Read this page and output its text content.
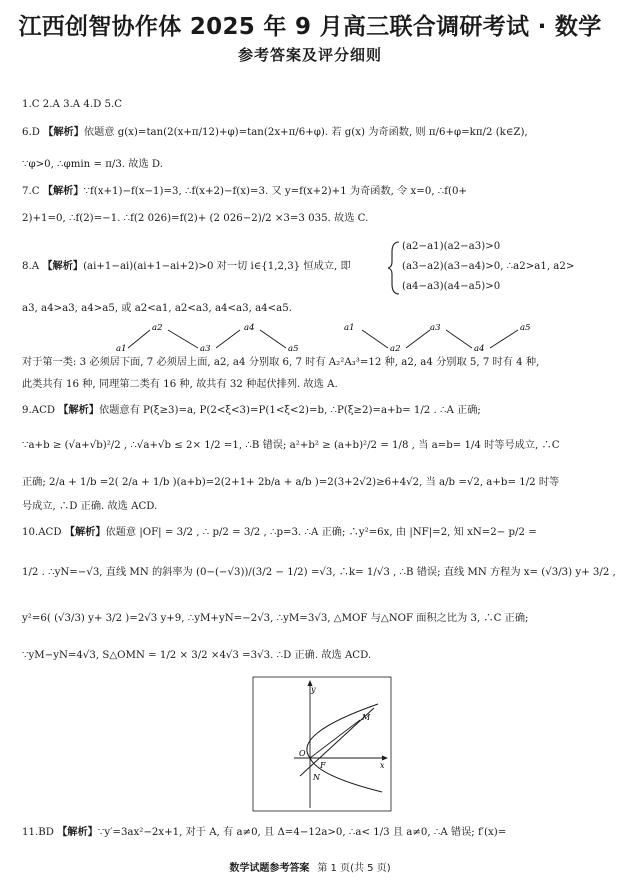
江西创智协作体 2025 年 9 月高三联合调研考试 · 数学
参考答案及评分细则
1.C 2.A 3.A 4.D 5.C
6.D 【解析】依题意 g(x)=tan(2(x+π/12)+φ)=tan(2x+π/6+φ). 若 g(x) 为奇函数, 则 π/6+φ=kπ/2 (k∈Z),
∵φ>0, ∴φmin = π/3. 故选 D.
7.C 【解析】∵f(x+1)−f(x−1)=3, ∴f(x+2)−f(x)=3. 又 y=f(x+2)+1 为奇函数, 令 x=0, ∴f(0+
2)+1=0, ∴f(2)=−1. ∴f(2 026)=f(2)+ (2 026−2)/2 ×3=3 035. 故选 C.
8.A 【解析】(ai+1−ai)(ai+1−ai+2)>0 对一切 i∈{1,2,3} 恒成立, 即
(a2−a1)(a2−a3)>0
(a3−a2)(a3−a4)>0, ∴a2>a1, a2>
(a4−a3)(a4−a5)>0
a3, a4>a3, a4>a5, 或 a2<a1, a2<a3, a4<a3, a4<a5.
a1
a2
a3
a4
a5
a1
a2
a3
a4
a5
对于第一类: 3 必须居下面, 7 必须居上面, a2, a4 分别取 6, 7 时有 A₂²A₃³=12 种, a2, a4 分别取 5, 7 时有 4 种,
此类共有 16 种, 同理第二类有 16 种, 故共有 32 种起伏排列. 故选 A.
9.ACD 【解析】依题意有 P(ξ≥3)=a, P(2<ξ<3)=P(1<ξ<2)=b, ∴P(ξ≥2)=a+b= 1/2 . ∴A 正确;
∵a+b ≥ (√a+√b)²/2 , ∴√a+√b ≤ 2× 1/2 =1, ∴B 错误; a²+b² ≥ (a+b)²/2 = 1/8 , 当 a=b= 1/4 时等号成立, ∴C
正确; 2/a + 1/b =2( 2/a + 1/b )(a+b)=2(2+1+ 2b/a + a/b )=2(3+2√2)≥6+4√2, 当 a/b =√2, a+b= 1/2 时等
号成立, ∴D 正确. 故选 ACD.
10.ACD 【解析】依题意 |OF| = 3/2 , ∴ p/2 = 3/2 , ∴p=3. ∴A 正确; ∴y²=6x, 由 |NF|=2, 知 xN=2− p/2 =
1/2 . ∴yN=−√3, 直线 MN 的斜率为 (0−(−√3))/(3/2 − 1/2) =√3, ∴k= 1/√3 , ∴B 错误; 直线 MN 方程为 x= (√3/3) y+ 3/2 ,
y²=6( (√3/3) y+ 3/2 )=2√3 y+9, ∴yM+yN=−2√3, ∴yM=3√3, △MOF 与△NOF 面积之比为 3, ∴C 正确;
∵yM−yN=4√3, S△OMN = 1/2 × 3/2 ×4√3 =3√3. ∴D 正确. 故选 ACD.
y
x
O
F
M
N
11.BD 【解析】∵y′=3ax²−2x+1, 对于 A, 有 a≠0, 且 Δ=4−12a>0, ∴a< 1/3 且 a≠0, ∴A 错误; f′(x)=
数学试题参考答案 第 1 页(共 5 页)
